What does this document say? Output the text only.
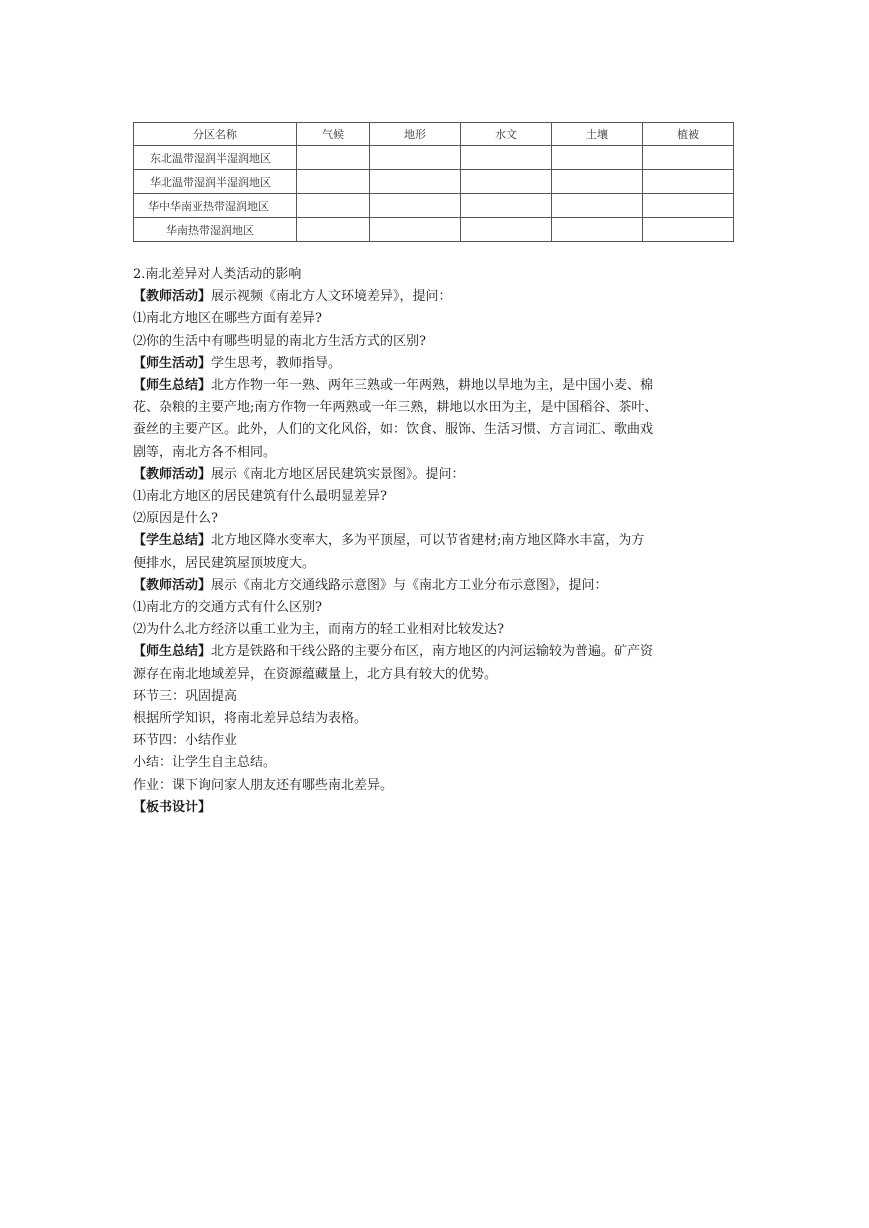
分区名称	气候	地形	水文	土壤	植被
东北温带湿润半湿润地区					
华北温带湿润半湿润地区					
华中华南亚热带湿润地区					
华南热带湿润地区					

2.南北差异对人类活动的影响

【教师活动】展示视频《南北方人文环境差异》，提问：

⑴南北方地区在哪些方面有差异?

⑵你的生活中有哪些明显的南北方生活方式的区别?

【师生活动】学生思考，教师指导。

【师生总结】北方作物一年一熟、两年三熟或一年两熟，耕地以旱地为主，是中国小麦、棉

花、杂粮的主要产地;南方作物一年两熟或一年三熟，耕地以水田为主，是中国稻谷、茶叶、

蚕丝的主要产区。此外，人们的文化风俗，如：饮食、服饰、生活习惯、方言词汇、歌曲戏

剧等，南北方各不相同。

【教师活动】展示《南北方地区居民建筑实景图》。提问：

⑴南北方地区的居民建筑有什么最明显差异?

⑵原因是什么?

【学生总结】北方地区降水变率大，多为平顶屋，可以节省建材;南方地区降水丰富，为方

便排水，居民建筑屋顶坡度大。

【教师活动】展示《南北方交通线路示意图》与《南北方工业分布示意图》，提问：

⑴南北方的交通方式有什么区别?

⑵为什么北方经济以重工业为主，而南方的轻工业相对比较发达?

【师生总结】北方是铁路和干线公路的主要分布区，南方地区的内河运输较为普遍。矿产资

源存在南北地域差异，在资源蕴藏量上，北方具有较大的优势。

环节三：巩固提高

根据所学知识，将南北差异总结为表格。

环节四：小结作业

小结：让学生自主总结。

作业：课下询问家人朋友还有哪些南北差异。

【板书设计】
